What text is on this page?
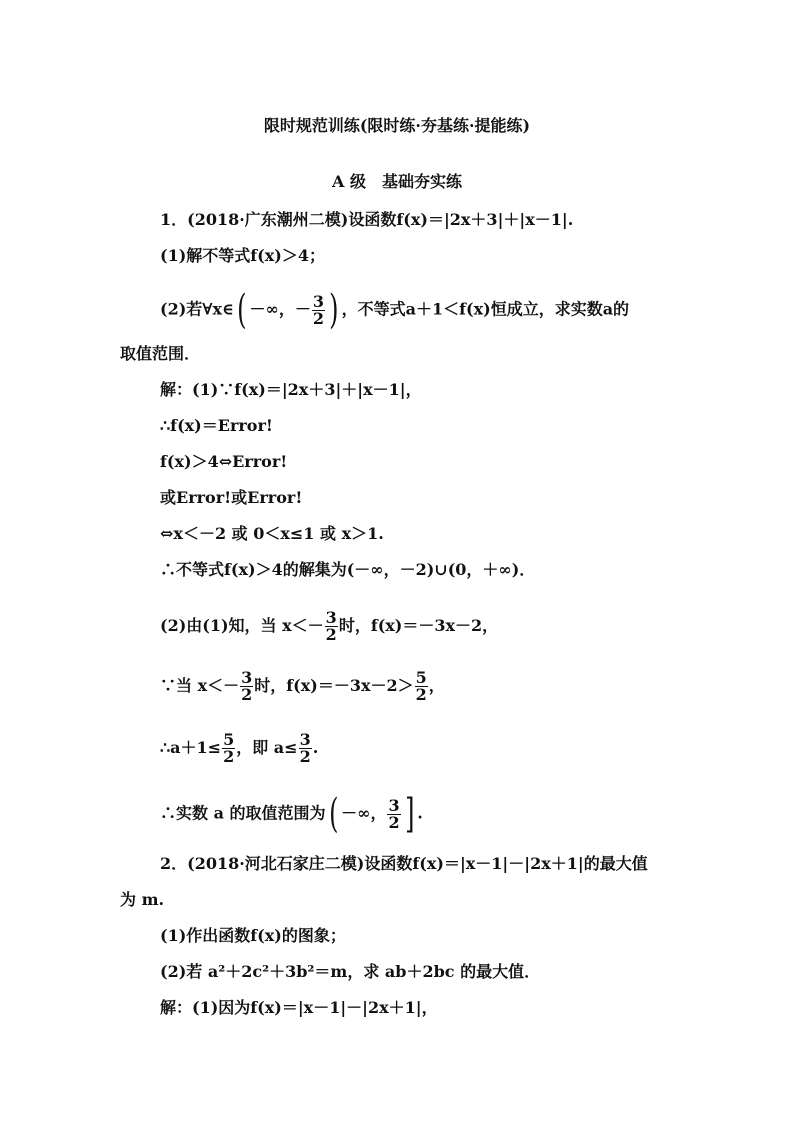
限时规范训练(限时练·夯基练·提能练)
A 级　基础夯实练
1．(2018·广东潮州二模)设函数f(x)＝|2x＋3|＋|x－1|.
(1)解不等式f(x)＞4；
(2)若∀x∈( －∞，－ $\frac{3}{2}$ ) ，不等式a＋1＜f(x)恒成立，求实数a的
取值范围．
解：(1)∵f(x)＝|2x＋3|＋|x－1|，
∴f(x)＝Error!
f(x)＞4⇔Error!
或Error!或Error!
⇔x＜－2 或 0＜x≤1 或 x＞1.
∴不等式f(x)＞4的解集为(－∞，－2)∪(0，＋∞)．
(2)由(1)知，当 $x<- \frac{3}{2}$ 时，f(x)＝－3x－2，
∵当 $x<- \frac{3}{2}$ 时，$f(x)=-3x-2> \frac{5}{2}$ ，
∴a＋1≤ $\frac{5}{2}$ ，即 $a\le \frac{3}{2}$ .
∴实数 a 的取值范围为( －∞， $\frac{3}{2}$ ] .
2．(2018·河北石家庄二模)设函数f(x)＝|x－1|－|2x＋1|的最大值
为 m.
(1)作出函数f(x)的图象；
(2)若 a²＋2c²＋3b²＝m，求 ab＋2bc 的最大值．
解：(1)因为f(x)＝|x－1|－|2x＋1|，
